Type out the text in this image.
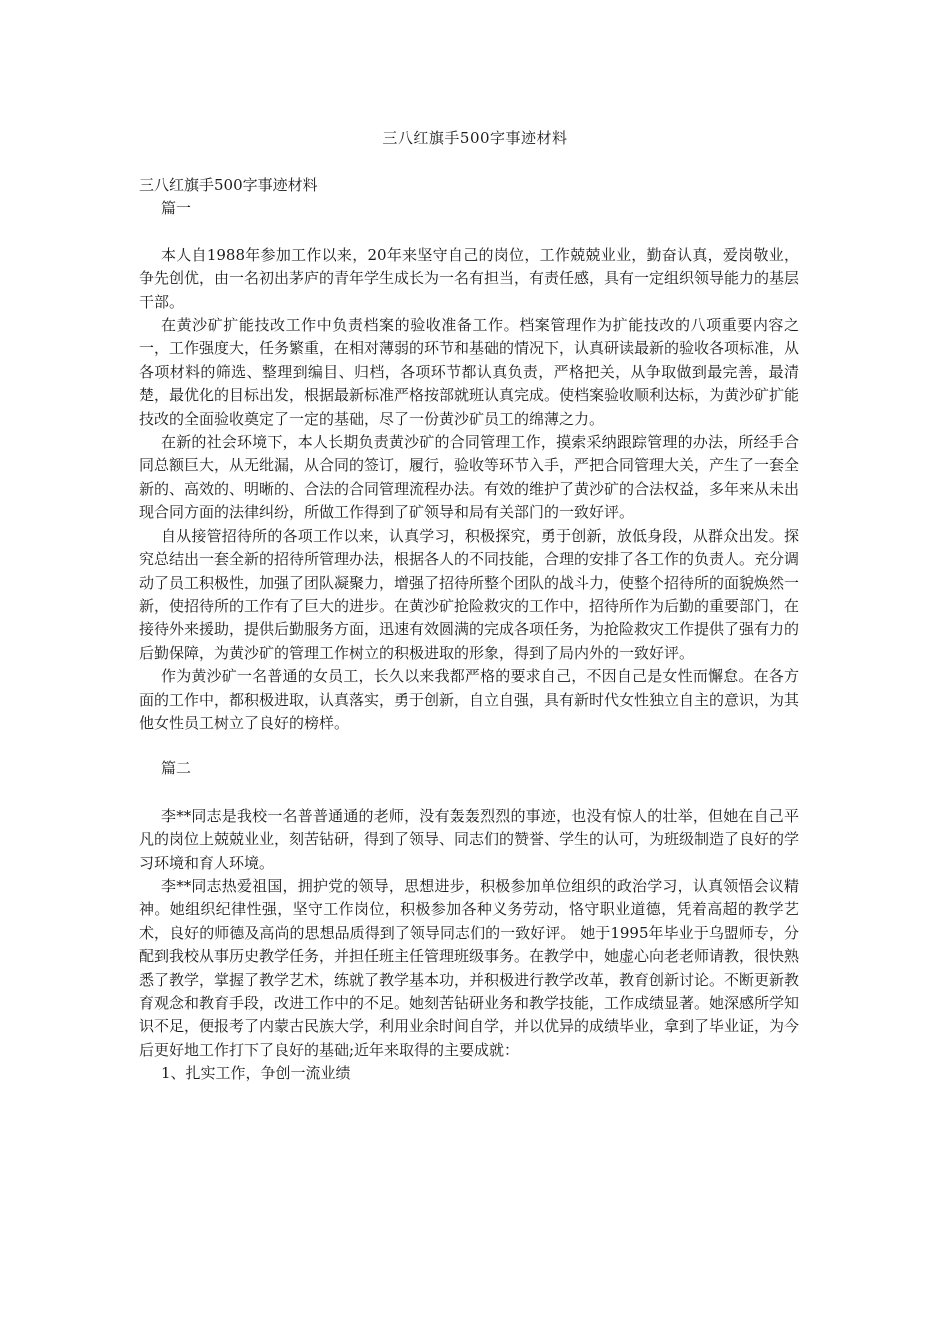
三八红旗手500字事迹材料

三八红旗手500字事迹材料

篇一

本人自1988年参加工作以来，20年来坚守自己的岗位，工作兢兢业业，勤奋认真，爱岗敬业，争先创优，由一名初出茅庐的青年学生成长为一名有担当，有责任感，具有一定组织领导能力的基层干部。

在黄沙矿扩能技改工作中负责档案的验收准备工作。档案管理作为扩能技改的八项重要内容之一，工作强度大，任务繁重，在相对薄弱的环节和基础的情况下，认真研读最新的验收各项标准，从各项材料的筛选、整理到编目、归档，各项环节都认真负责，严格把关，从争取做到最完善，最清楚，最优化的目标出发，根据最新标准严格按部就班认真完成。使档案验收顺利达标，为黄沙矿扩能技改的全面验收奠定了一定的基础，尽了一份黄沙矿员工的绵薄之力。

在新的社会环境下，本人长期负责黄沙矿的合同管理工作，摸索采纳跟踪管理的办法，所经手合同总额巨大，从无纰漏，从合同的签订，履行，验收等环节入手，严把合同管理大关，产生了一套全新的、高效的、明晰的、合法的合同管理流程办法。有效的维护了黄沙矿的合法权益，多年来从未出现合同方面的法律纠纷，所做工作得到了矿领导和局有关部门的一致好评。

自从接管招待所的各项工作以来，认真学习，积极探究，勇于创新，放低身段，从群众出发。探究总结出一套全新的招待所管理办法，根据各人的不同技能，合理的安排了各工作的负责人。充分调动了员工积极性，加强了团队凝聚力，增强了招待所整个团队的战斗力，使整个招待所的面貌焕然一新，使招待所的工作有了巨大的进步。在黄沙矿抢险救灾的工作中，招待所作为后勤的重要部门，在接待外来援助，提供后勤服务方面，迅速有效圆满的完成各项任务，为抢险救灾工作提供了强有力的后勤保障，为黄沙矿的管理工作树立的积极进取的形象，得到了局内外的一致好评。

作为黄沙矿一名普通的女员工，长久以来我都严格的要求自己，不因自己是女性而懈怠。在各方面的工作中，都积极进取，认真落实，勇于创新，自立自强，具有新时代女性独立自主的意识，为其他女性员工树立了良好的榜样。

篇二

李**同志是我校一名普普通通的老师，没有轰轰烈烈的事迹，也没有惊人的壮举，但她在自己平凡的岗位上兢兢业业，刻苦钻研，得到了领导、同志们的赞誉、学生的认可，为班级制造了良好的学习环境和育人环境。

李**同志热爱祖国，拥护党的领导，思想进步，积极参加单位组织的政治学习，认真领悟会议精神。她组织纪律性强，坚守工作岗位，积极参加各种义务劳动，恪守职业道德，凭着高超的教学艺术，良好的师德及高尚的思想品质得到了领导同志们的一致好评。 她于1995年毕业于乌盟师专，分配到我校从事历史教学任务，并担任班主任管理班级事务。在教学中，她虚心向老老师请教，很快熟悉了教学，掌握了教学艺术，练就了教学基本功，并积极进行教学改革，教育创新讨论。不断更新教育观念和教育手段，改进工作中的不足。她刻苦钻研业务和教学技能，工作成绩显著。她深感所学知识不足，便报考了内蒙古民族大学，利用业余时间自学，并以优异的成绩毕业，拿到了毕业证，为今后更好地工作打下了良好的基础;近年来取得的主要成就：

1、扎实工作，争创一流业绩
